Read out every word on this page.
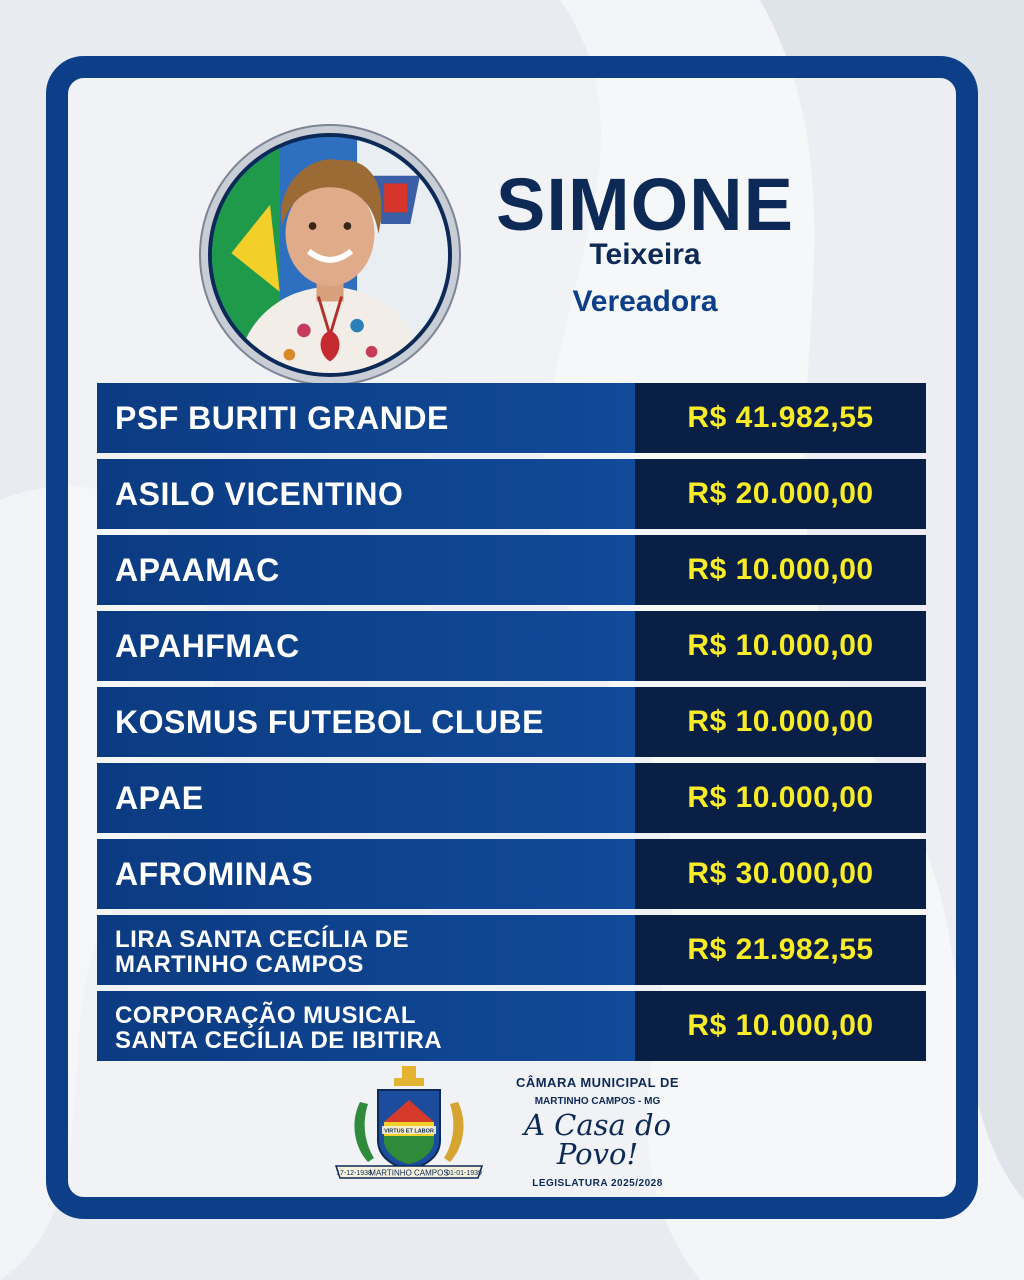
SIMONE
Teixeira
Vereadora
PSF BURITI GRANDE	R$ 41.982,55
ASILO VICENTINO	R$ 20.000,00
APAAMAC	R$ 10.000,00
APAHFMAC	R$ 10.000,00
KOSMUS FUTEBOL CLUBE	R$ 10.000,00
APAE	R$ 10.000,00
AFROMINAS	R$ 30.000,00
LIRA SANTA CECÍLIA DE
MARTINHO CAMPOS	R$ 21.982,55
CORPORAÇÃO MUSICAL
SANTA CECÍLIA DE IBITIRA	R$ 10.000,00
VIRTUS ET LABOR
17-12-1938
MARTINHO CAMPOS
01-01-1939
CÂMARA MUNICIPAL DE
MARTINHO CAMPOS - MG
A Casa do Povo!
LEGISLATURA 2025/2028
